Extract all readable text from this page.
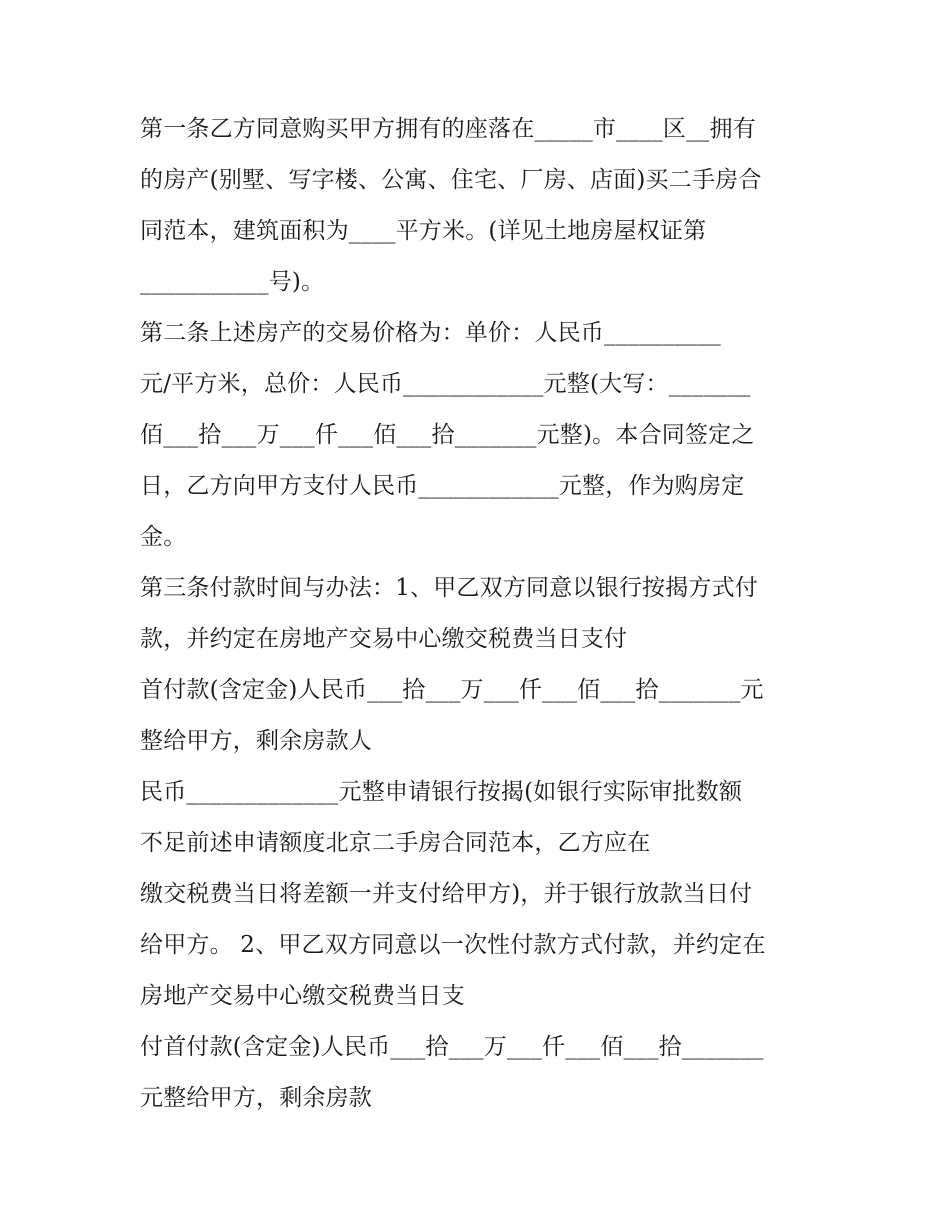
第一条乙方同意购买甲方拥有的座落在_____市____区__拥有
的房产(别墅、写字楼、公寓、住宅、厂房、店面)买二手房合
同范本，建筑面积为____平方米。(详见土地房屋权证第
___________号)。
第二条上述房产的交易价格为：单价：人民币__________
元/平方米，总价：人民币____________元整(大写：_______
佰___拾___万___仟___佰___拾_______元整)。本合同签定之
日，乙方向甲方支付人民币____________元整，作为购房定
金。
第三条付款时间与办法：1、甲乙双方同意以银行按揭方式付
款，并约定在房地产交易中心缴交税费当日支付
首付款(含定金)人民币___拾___万___仟___佰___拾_______元
整给甲方，剩余房款人
民币_____________元整申请银行按揭(如银行实际审批数额
不足前述申请额度北京二手房合同范本，乙方应在
缴交税费当日将差额一并支付给甲方)，并于银行放款当日付
给甲方。 2、甲乙双方同意以一次性付款方式付款，并约定在
房地产交易中心缴交税费当日支
付首付款(含定金)人民币___拾___万___仟___佰___拾_______
元整给甲方，剩余房款
